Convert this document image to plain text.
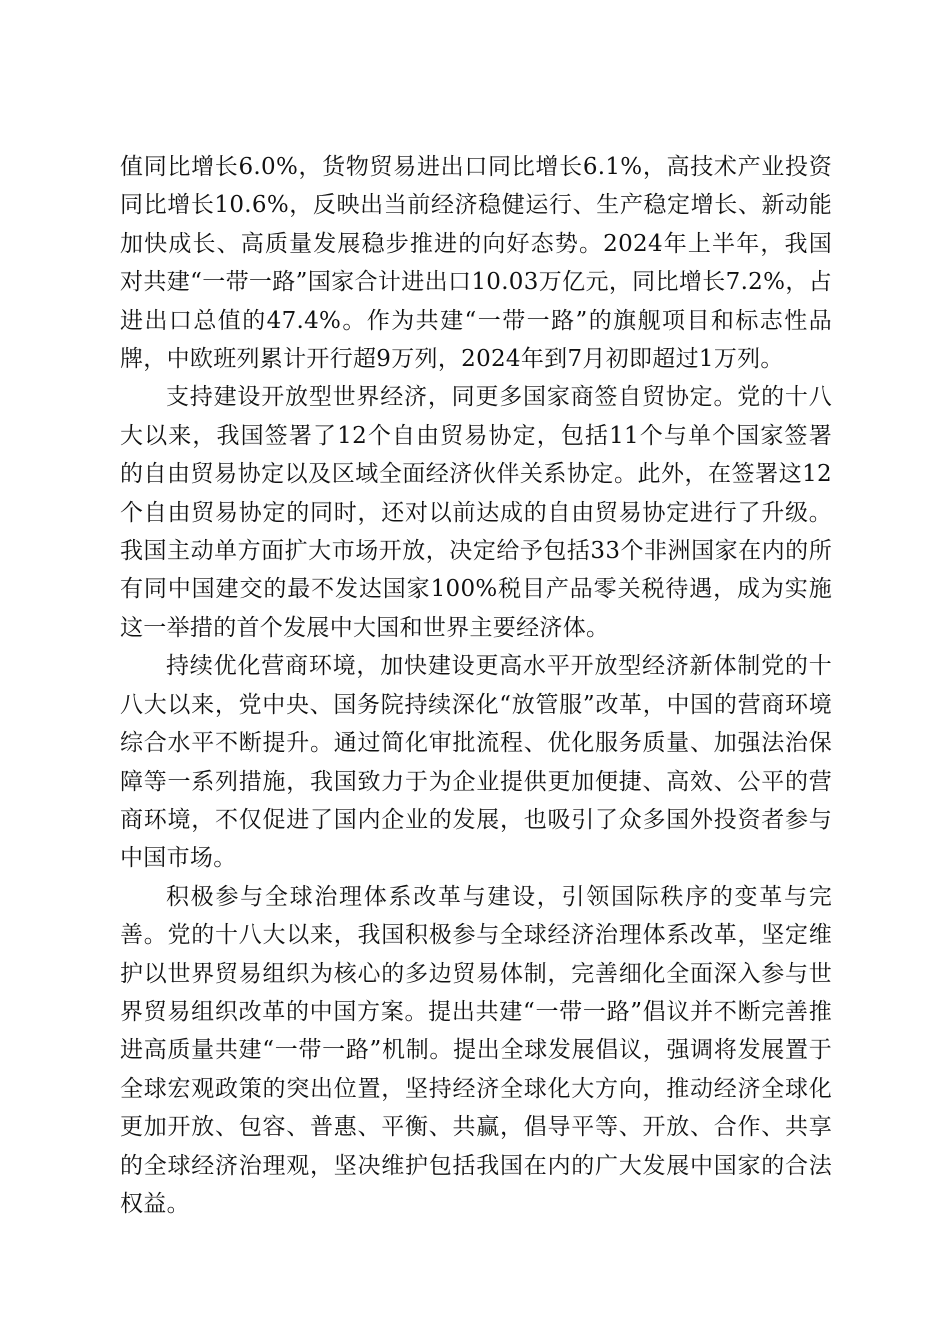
值同比增长6.0%，货物贸易进出口同比增长6.1%，高技术产业投资同比增长10.6%，反映出当前经济稳健运行、生产稳定增长、新动能加快成长、高质量发展稳步推进的向好态势。2024年上半年，我国对共建“一带一路”国家合计进出口10.03万亿元，同比增长7.2%，占进出口总值的47.4%。作为共建“一带一路”的旗舰项目和标志性品牌，中欧班列累计开行超9万列，2024年到7月初即超过1万列。

支持建设开放型世界经济，同更多国家商签自贸协定。党的十八大以来，我国签署了12个自由贸易协定，包括11个与单个国家签署的自由贸易协定以及区域全面经济伙伴关系协定。此外，在签署这12个自由贸易协定的同时，还对以前达成的自由贸易协定进行了升级。我国主动单方面扩大市场开放，决定给予包括33个非洲国家在内的所有同中国建交的最不发达国家100%税目产品零关税待遇，成为实施这一举措的首个发展中大国和世界主要经济体。

持续优化营商环境，加快建设更高水平开放型经济新体制党的十八大以来，党中央、国务院持续深化“放管服”改革，中国的营商环境综合水平不断提升。通过简化审批流程、优化服务质量、加强法治保障等一系列措施，我国致力于为企业提供更加便捷、高效、公平的营商环境，不仅促进了国内企业的发展，也吸引了众多国外投资者参与中国市场。

积极参与全球治理体系改革与建设，引领国际秩序的变革与完善。党的十八大以来，我国积极参与全球经济治理体系改革，坚定维护以世界贸易组织为核心的多边贸易体制，完善细化全面深入参与世界贸易组织改革的中国方案。提出共建“一带一路”倡议并不断完善推进高质量共建“一带一路”机制。提出全球发展倡议，强调将发展置于全球宏观政策的突出位置，坚持经济全球化大方向，推动经济全球化更加开放、包容、普惠、平衡、共赢，倡导平等、开放、合作、共享的全球经济治理观，坚决维护包括我国在内的广大发展中国家的合法权益。
